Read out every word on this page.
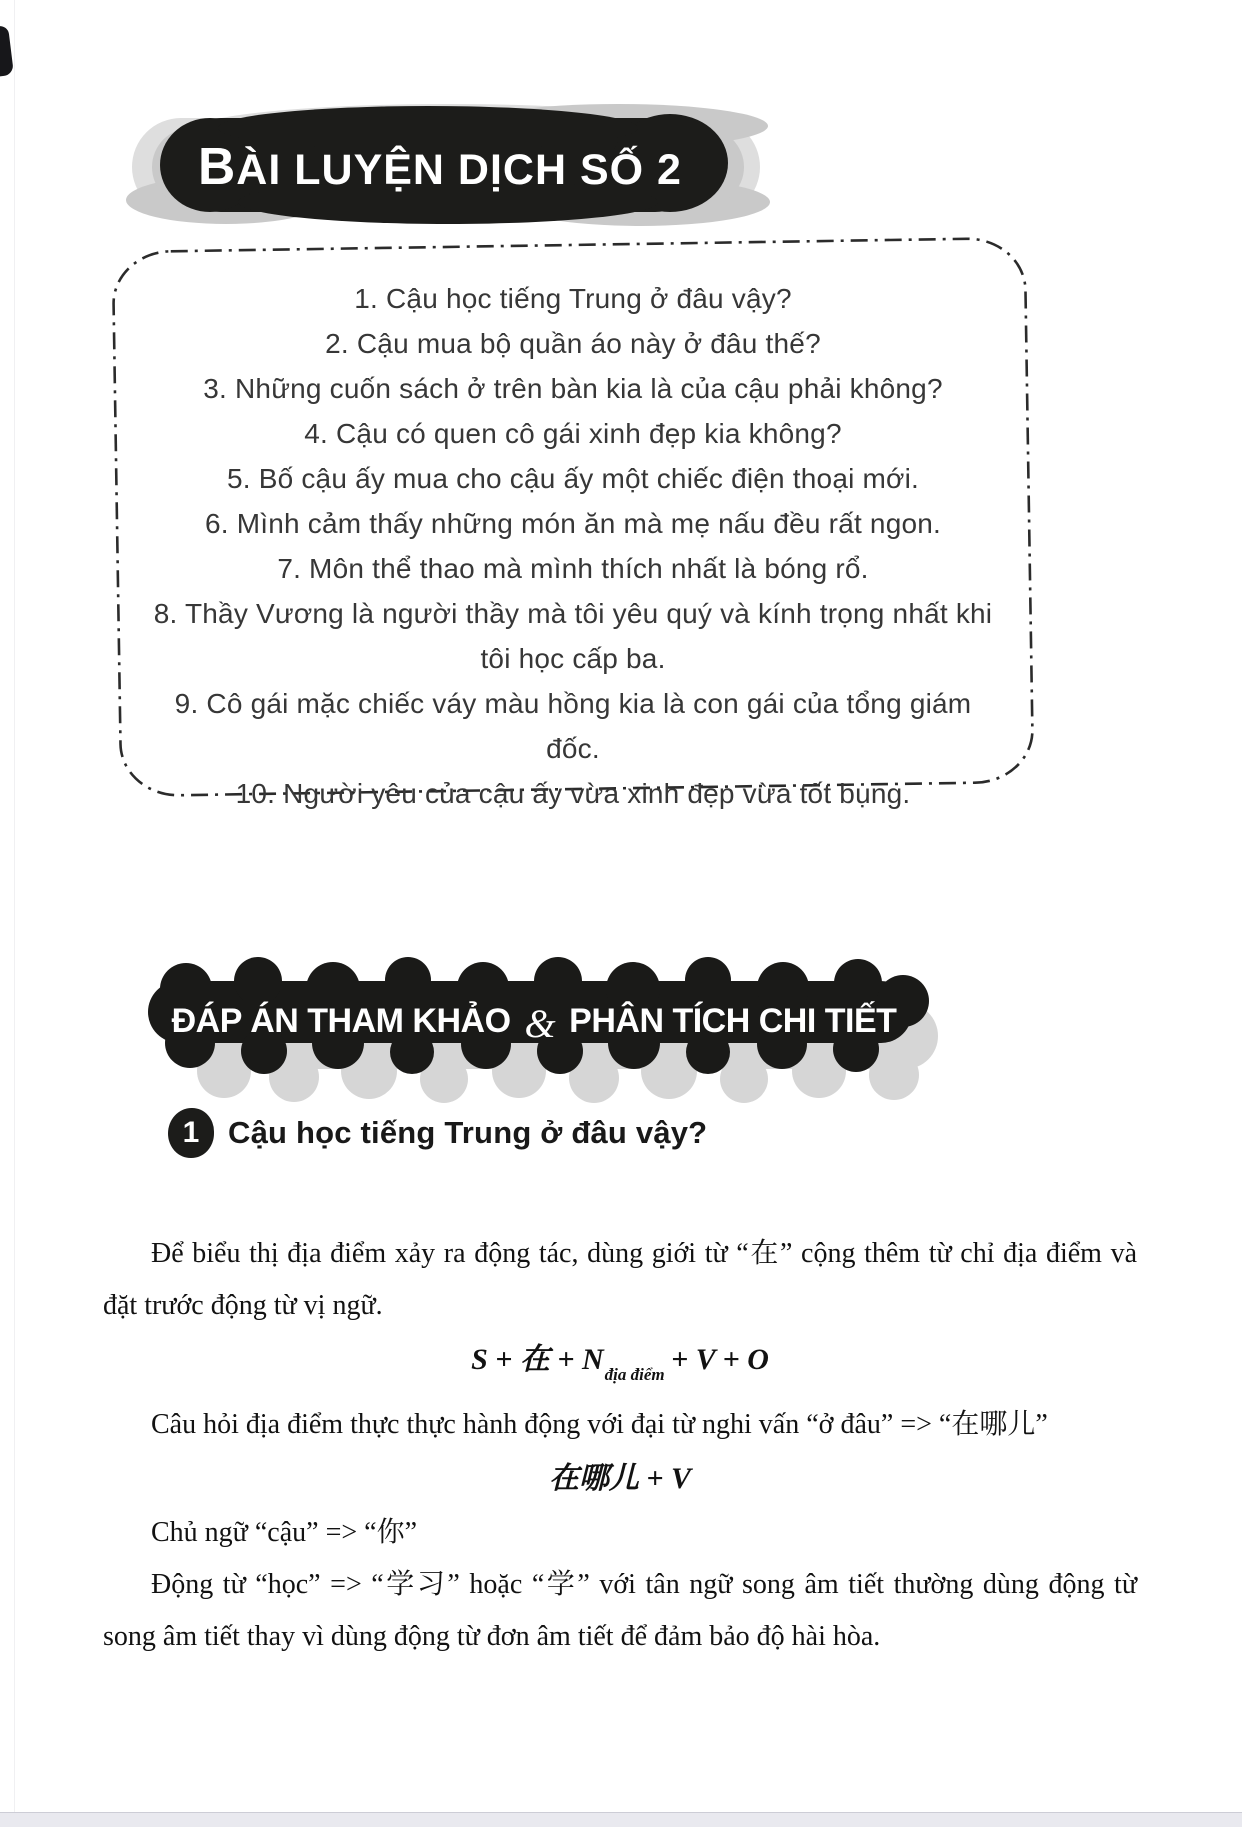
BÀI LUYỆN DỊCH SỐ 2
1. Cậu học tiếng Trung ở đâu vậy?
2. Cậu mua bộ quần áo này ở đâu thế?
3. Những cuốn sách ở trên bàn kia là của cậu phải không?
4. Cậu có quen cô gái xinh đẹp kia không?
5. Bố cậu ấy mua cho cậu ấy một chiếc điện thoại mới.
6. Mình cảm thấy những món ăn mà mẹ nấu đều rất ngon.
7. Môn thể thao mà mình thích nhất là bóng rổ.
8. Thầy Vương là người thầy mà tôi yêu quý và kính trọng nhất khi tôi học cấp ba.
9. Cô gái mặc chiếc váy màu hồng kia là con gái của tổng giám đốc.
10. Người yêu của cậu ấy vừa xinh đẹp vừa tốt bụng.
ĐÁP ÁN THAM KHẢO & PHÂN TÍCH CHI TIẾT
1 Cậu học tiếng Trung ở đâu vậy?

Để biểu thị địa điểm xảy ra động tác, dùng giới từ “在” cộng thêm từ chỉ địa điểm và đặt trước động từ vị ngữ.

S + 在 + $N_{địa điểm} + V + O$

Câu hỏi địa điểm thực thực hành động với đại từ nghi vấn “ở đâu” => “在哪儿”

在哪儿 + V

Chủ ngữ “cậu” => “你”

Động từ “học” => “学习” hoặc “学” với tân ngữ song âm tiết thường dùng động từ song âm tiết thay vì dùng động từ đơn âm tiết để đảm bảo độ hài hòa.
